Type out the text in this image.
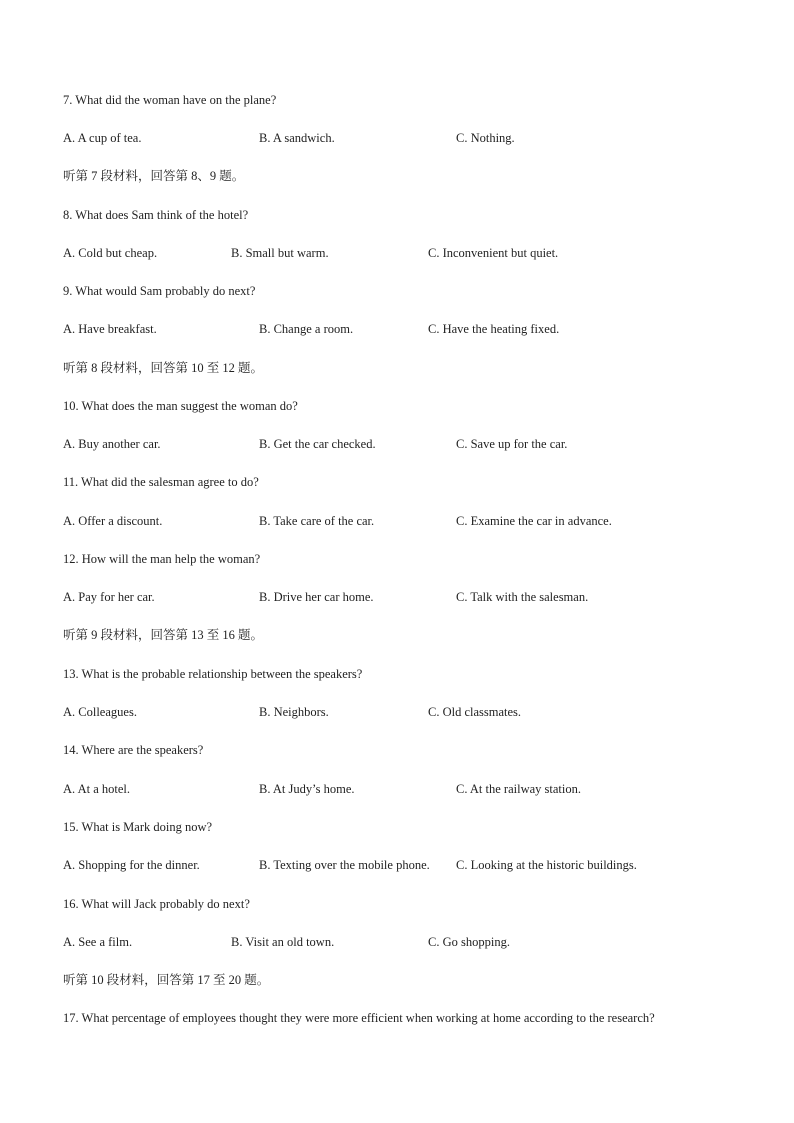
7. What did the woman have on the plane?
A. A cup of tea.	B. A sandwich.	C. Nothing.
听第 7 段材料，回答第 8、9 题。
8. What does Sam think of the hotel?
A. Cold but cheap.	B. Small but warm.	C. Inconvenient but quiet.
9. What would Sam probably do next?
A. Have breakfast.	B. Change a room.	C. Have the heating fixed.
听第 8 段材料，回答第 10 至 12 题。
10. What does the man suggest the woman do?
A. Buy another car.	B. Get the car checked.	C. Save up for the car.
11. What did the salesman agree to do?
A. Offer a discount.	B. Take care of the car.	C. Examine the car in advance.
12. How will the man help the woman?
A. Pay for her car.	B. Drive her car home.	C. Talk with the salesman.
听第 9 段材料，回答第 13 至 16 题。
13. What is the probable relationship between the speakers?
A. Colleagues.	B. Neighbors.	C. Old classmates.
14. Where are the speakers?
A. At a hotel.	B. At Judy’s home.	C. At the railway station.
15. What is Mark doing now?
A. Shopping for the dinner.	B. Texting over the mobile phone. C. Looking at the historic buildings.
16. What will Jack probably do next?
A. See a film.	B. Visit an old town.	C. Go shopping.
听第 10 段材料，回答第 17 至 20 题。
17. What percentage of employees thought they were more efficient when working at home according to the research?
